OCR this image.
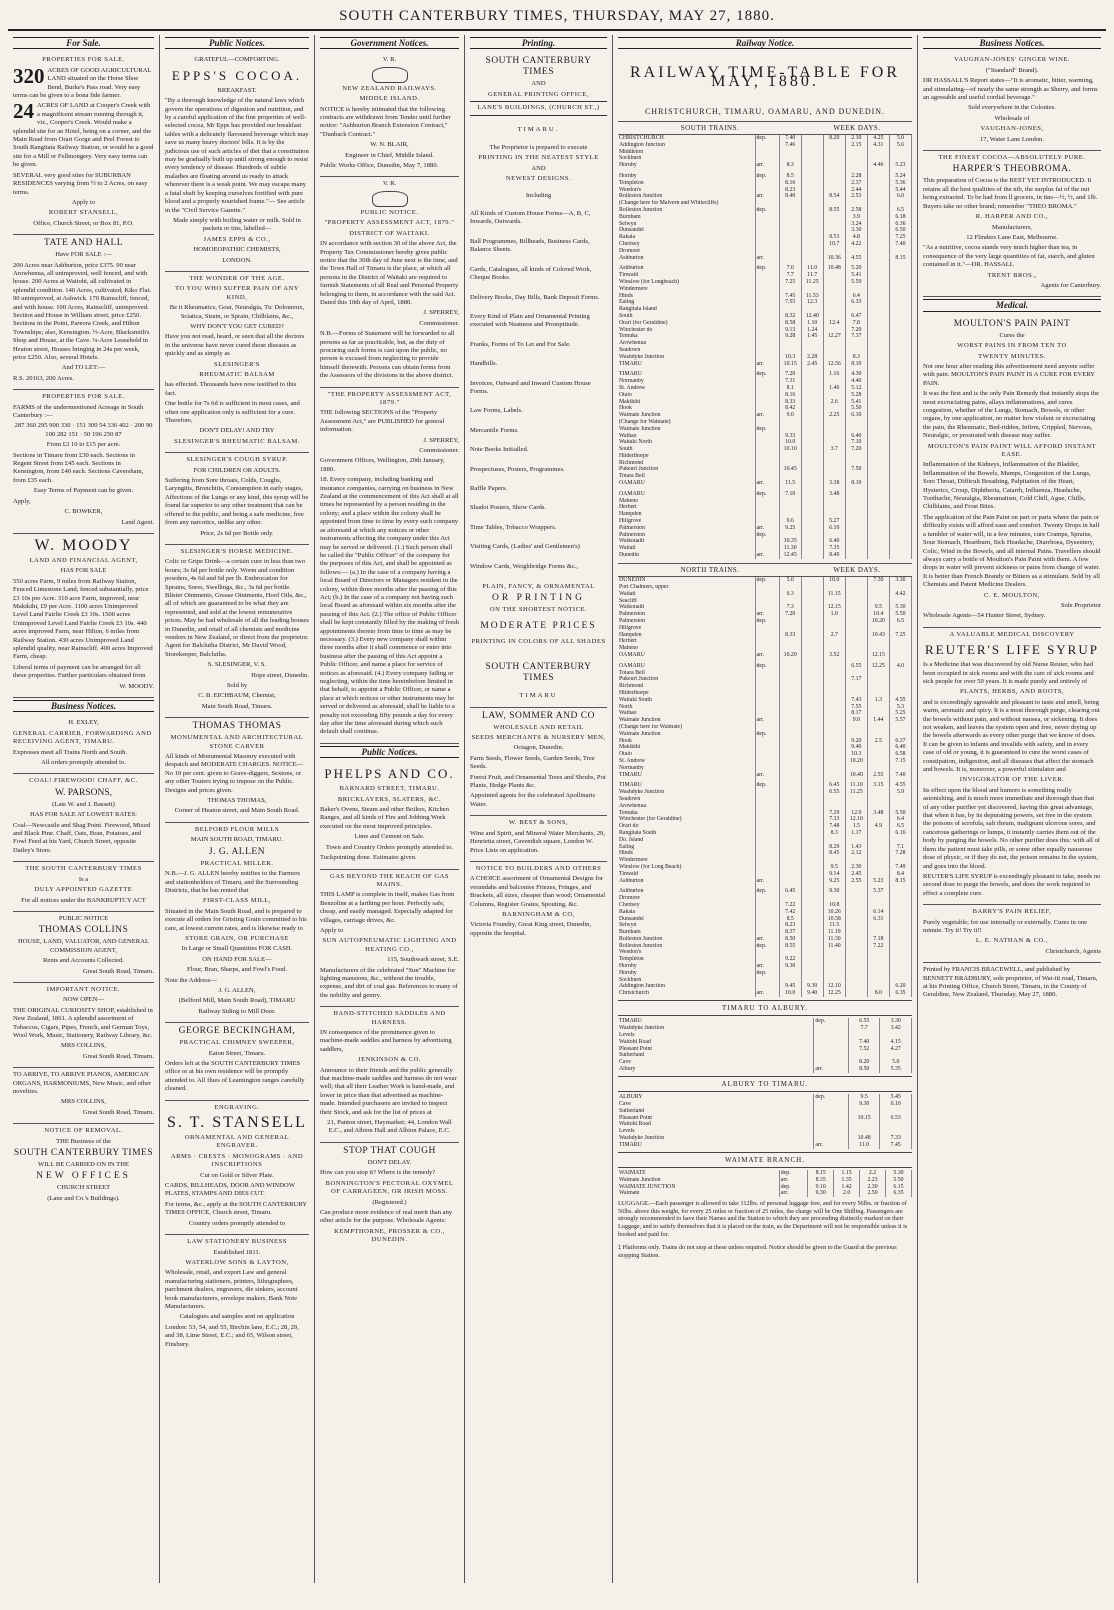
SOUTH CANTERBURY TIMES, THURSDAY, MAY 27, 1880.
For Sale.

PROPERTIES FOR SALE.

320 ACRES OF GOOD AGRICULTURAL LAND situated on the Horse Shoe Bend, Burke's Pass road. Very easy terms can be given to a bona fide farmer.

24 ACRES OF LAND at Cooper's Creek with a magnificent stream running through it, viz., Cooper's Creek. Would make a splendid site for an Hotel, being on a corner, and the Main Road from Orari Gorge and Peel Forest to South Rangitata Railway Station, or would be a good site for a Mill or Fellmongery. Very easy terms can be given.

SEVERAL very good sites for SUBURBAN RESIDENCES varying from ½ to 2 Acres, on easy terms.

Apply to

ROBERT STANSELL,

Office, Church Street, or Box 81, P.O.

TATE AND HALL

Have FOR SALE :—

200 Acres near Ashburton, price £375. 90 near Arowhenua, all unimproved, well fenced, and with house. 200 Acres at Waitohi, all cultivated in splendid condition. 140 Acres, cultivated, Kiko Flat. 90 unimproved, at Ashwick. 170 Rainscliff, fenced, and with house. 100 Acres, Rainscliff, unimproved. Section and House in William street, price £250. Sections in the Point, Pareora Creek, and Hilton Townships; also, Kensington. ½-Acre, Blacksmith's Shop and House, at the Cave. ¼-Acre Leasehold in Heaton street, Houses bringing in 24s per week, price £250. Also, several Hotels.

And TO LET:—

R.S. 20163, 200 Acres.

PROPERTIES FOR SALE.

FARMS of the undermentioned Acreage in South Canterbury :—

287 360 295 900 330 · 151 300 54 336 402 · 200 90 100 282 151 · 50 196 250 87

From £3 10 to £15 per acre.

Sections in Timaru from £30 each. Sections in Regent Street from £45 each. Sections in Kensington, from £40 each. Sections Caversham, from £35 each.

Easy Terms of Payment can be given.

Apply,

C. BOWKER,

Land Agent.

W. MOODY

LAND AND FINANCIAL AGENT,

HAS FOR SALE

550 acres Farm, 9 miles from Railway Station, Fenced Limestone Land, fenced substantially, price £3 10s per Acre. 310 acre Farm, improved, near Makikihi, £9 per Acre. 1100 acres Unimproved Level Land Fairlie Creek £3 10s. 1500 acres Unimproved Level Land Fairlie Creek £3 10s. 440 acres improved Farm, near Hilton, 6 miles from Railway Station. 430 acres Unimproved Land splendid quality, near Rainscliff. 400 acres Improved Farm, cheap.

Liberal terms of payment can be arranged for all these properties. Further particulars obtained from

W. MOODY.

Business Notices.

H. EXLEY,

GENERAL CARRIER, FORWARDING AND RECEIVING AGENT, TIMARU.

Expresses meet all Trains North and South.

All orders promptly attended to.

COAL! FIREWOOD! CHAFF, &C.

W. PARSONS,

(Late W. and J. Bassett)

HAS FOR SALE AT LOWEST RATES:

Coal—Newcastle and Shag Point. Firewood, Mixed and Black Pine. Chaff, Oats, Bran, Potatoes, and Fowl Feed at his Yard, Church Street, opposite Dailey's Store.

THE SOUTH CANTERBURY TIMES

Is a

DULY APPOINTED GAZETTE

For all notices under the BANKRUPTCY ACT

PUBLIC NOTICE

THOMAS COLLINS

HOUSE, LAND, VALUATOR, AND GENERAL COMMISSION AGENT,

Rents and Accounts Collected.

Great South Road, Timaru.

IMPORTANT NOTICE.

NOW OPEN—

THE ORIGINAL CURIOSITY SHOP, established in New Zealand, 1861. A splendid assortment of Tobaccos, Cigars, Pipes, French, and German Toys, Wool Work, Music, Stationery, Railway Library, &c.

MRS COLLINS,

Great South Road, Timaru.

TO ARRIVE, TO ARRIVE PIANOS, AMERICAN ORGANS, HARMONIUMS, New Music, and other novelties.

MRS COLLINS,

Great South Road, Timaru.

NOTICE OF REMOVAL.

THE Business of the

SOUTH CANTERBURY TIMES

WILL BE CARRIED ON IN THE

NEW OFFICES

CHURCH STREET

(Lane and Co.'s Buildings).

Public Notices.

GRATEFUL—COMFORTING.

EPPS'S COCOA.

BREAKFAST.

"By a thorough knowledge of the natural laws which govern the operations of digestion and nutrition, and by a careful application of the fine properties of well-selected cocoa, Mr Epps has provided our breakfast tables with a delicately flavoured beverage which may save us many heavy doctors' bills. It is by the judicious use of such articles of diet that a constitution may be gradually built up until strong enough to resist every tendency of disease. Hundreds of subtle maladies are floating around us ready to attack wherever there is a weak point. We may escape many a fatal shaft by keeping ourselves fortified with pure blood and a properly nourished frame."— See article in the "Civil Service Gazette."

Made simply with boiling water or milk. Sold in packets or tins, labelled—

JAMES EPPS & CO.,

HOMOEOPATHIC CHEMISTS,

LONDON.

THE WONDER OF THE AGE.

TO YOU WHO SUFFER PAIN OF ANY KIND,

Be it Rheumatics, Gout, Neuralgia, Tic Doloureux, Sciatica, Strain, or Sprain, Chilblains, &c.,

WHY DON'T YOU GET CURED?

Have you not read, heard, or seen that all the doctors in the universe have never cured those diseases as quickly and as simply as

SLESINGER'S

RHEUMATIC BALSAM

has effected. Thousands have now testified to this fact.

One bottle for 7s 6d is sufficient in most cases, and often one application only is sufficient for a cure. Therefore,

DON'T DELAY! AND TRY

SLESINGER'S RHEUMATIC BALSAM.

SLESINGER'S COUGH SYRUP.

FOR CHILDREN OR ADULTS.

Suffering from Sore throats, Colds, Coughs, Laryngitis, Bronchitis, Consumption in early stages, Affections of the Lungs or any kind, this syrup will be found far superior to any other treatment that can be offered to the public, and being a safe medicine, free from any narcotics, unlike any other.

Price, 2s 6d per Bottle only.

SLESINGER'S HORSE MEDICINE.

Colic or Gripe Drink—a certain cure in less than two hours; 3s 6d per bottle only. Worm and condition powders, 4s 6d and 6d per lb. Embrocation for Sprains, Sores, Swellings, &c., 3s 6d per bottle. Blister Ointments, Grease Ointments, Hoof Oils, &c., all of which are guaranteed to be what they are represented, and sold at the lowest remunerative prices. May be had wholesale of all the leading houses in Dunedin, and retail of all chemists and medicine vendors in New Zealand, or direct from the proprietor. Agent for Balclutha District, Mr David Wood, Storekeeper, Balclutha.

S. SLESINGER, V. S.

Hope street, Dunedin.

Sold by

C. B. EICHBAUM, Chemist,

Main South Road, Timaru.

THOMAS THOMAS

MONUMENTAL AND ARCHITECTURAL STONE CARVER

All kinds of Monumental Masonry executed with despatch and MODERATE CHARGES. NOTICE—No 10 per cent. given to Grave-diggers, Sextons, or any other Touters trying to impose on the Public. Designs and prices given.

THOMAS THOMAS,

Corner of Heaton street, and Main South Road.

BELFORD FLOUR MILLS

MAIN SOUTH ROAD, TIMARU.

J. G. ALLEN

PRACTICAL MILLER.

N.B.—J. G. ALLEN hereby notifies to the Farmers and stationholders of Timaru, and the Surrounding Districts, that he has rented that

FIRST-CLASS MILL,

Situated in the Main South Road, and is prepared to execute all orders for Gristing Grain committed to his care, at lowest current rates, and is likewise ready to

STORE GRAIN, OR PURCHASE

In Large or Small Quantities FOR CASH.

ON HAND FOR SALE—

Flour, Bran, Sharps, and Fowl's Food.

Note the Address—

J. G. ALLEN,

(Belford Mill, Main South Road), TIMARU

Railway Siding to Mill Door.

GEORGE BECKINGHAM,

PRACTICAL CHIMNEY SWEEPER,

Eaton Street, Timaru.

Orders left at the SOUTH CANTERBURY TIMES office or at his own residence will be promptly attended to. All flues of Leamington ranges carefully cleaned.

ENGRAVING.

S. T. STANSELL

ORNAMENTAL AND GENERAL ENGRAVER.

ARMS · CRESTS · MONOGRAMS · AND INSCRIPTIONS

Cut on Gold or Silver Plate.

CARDS, BILLHEADS, DOOR AND WINDOW PLATES, STAMPS AND DIES CUT.

For terms, &c., apply at the SOUTH CANTERBURY TIMES OFFICE, Church street, Timaru.

Country orders promptly attended to

LAW STATIONERY BUSINESS

Established 1811.

WATERLOW SONS & LAYTON,

Wholesale, retail, and export Law and general manufacturing stationers, printers, lithographers, parchment dealers, engravers, die sinkers, account book manufacturers, envelope makers, Bank Note Manufacturers.

Catalogues and samples sent on application

London: 53, 54, and 55, Birchin lane, E.C.; 28, 29, and 38, Lime Street, E.C.; and 65, Wilson street, Finsbury.

Government Notices.

V. R.

NEW ZEALAND RAILWAYS.

MIDDLE ISLAND.

NOTICE is hereby intimated that the following contracts are withdrawn from Tender until further notice: "Ashburton Branch Extension Contract," "Dunback Contract."

W. N. BLAIR,

Engineer in Chief, Middle Island.

Public Works Office, Dunedin, May 7, 1880.

V. R.

PUBLIC NOTICE.

"PROPERTY ASSESSMENT ACT, 1879."

DISTRICT OF WAITAKI.

IN accordance with section 30 of the above Act, the Property Tax Commissioner hereby gives public notice that the 30th day of June next is the time, and the Town Hall of Timaru is the place, at which all persons in the District of Waitaki are required to furnish Statements of all Real and Personal Property belonging to them, in accordance with the said Act. Dated this 10th day of April, 1880.

J. SPERREY,

Commissioner.

N.B.—Forms of Statement will be forwarded to all persons as far as practicable, but, as the duty of procuring such forms is cast upon the public, no person is excused from neglecting to provide himself therewith. Persons can obtain forms from the Assessors of the divisions in the above district.

"THE PROPERTY ASSESSMENT ACT, 1879."

THE following SECTIONS of the "Property Assessment Act," are PUBLISHED for general information.

J. SPERREY,

Commissioner.

Government Offices, Wellington, 20th January, 1880.

18. Every company, including banking and insurance companies, carrying on business in New Zealand at the commencement of this Act shall at all times be represented by a person residing in the colony; and a place within the colony shall be appointed from time to time by every such company as aforesaid at which any notices or other instruments affecting the company under this Act may be served or delivered. (1.) Such person shall be called the "Public Officer" of the company for the purposes of this Act, and shall be appointed as follows:— (a.) In the case of a company having a local Board of Directors or Managers resident in the colony, within three months after the passing of this Act; (b.) In the case of a company not having such local Board as aforesaid within six months after the passing of this Act. (2.) The office of Public Officer shall be kept constantly filled by the making of fresh appointments thereto from time to time as may be necessary. (3.) Every new company shall within three months after it shall commence or enter into business after the passing of this Act appoint a Public Officer, and name a place for service of notices as aforesaid. (4.) Every company failing or neglecting, within the time hereinbefore limited in that behalf, to appoint a Public Officer, or name a place at which notices or other instruments may be served or delivered as aforesaid, shall be liable to a penalty not exceeding fifty pounds a day for every day after the time aforesaid during which such default shall continue.

Public Notices.

PHELPS AND CO.

BARNARD STREET, TIMARU.

BRICKLAYERS, SLATERS, &C.

Baker's Ovens, Steam and other Boilers, Kitchen Ranges, and all kinds of Fire and Jobbing Work executed on the most improved principles.

Lime and Cement on Sale.

Town and Country Orders promptly attended to.

Tuckpointing done. Estimates given.

GAS BEYOND THE REACH OF GAS MAINS.

THIS LAMP is complete in itself, makes Gas from Benzoline at a farthing per hour. Perfectly safe, cheap, and easily managed. Especially adapted for villages, carriage drives, &c.

Apply to

SUN AUTOPNEUMATIC LIGHTING AND HEATING CO.,

115, Southwark street, S.E.

Manufacturers of the celebrated "Sun" Machine for lighting mansions, &c., without the trouble, expense, and dirt of coal gas. References to many of the nobility and gentry.

HAND-STITCHED SADDLES AND HARNESS.

IN consequence of the prominence given to machine-made saddles and harness by advertising saddlers,

JENKINSON & CO.

Announce to their friends and the public generally that machine-made saddles and harness do not wear well; that all their Leather Work is hand-made, and lower in price than that advertised as machine-made. Intended purchasers are invited to inspect their Stock, and ask for the list of prices at

21, Panton street, Haymarket; 44, London Wall E.C., and Albion Hall and Albion Palace, E.C.

STOP THAT COUGH

DON'T DELAY.

How can you stop it? Where is the remedy?

BONNINGTON'S PECTORAL OXYMEL OF CARRAGEEN, OR IRISH MOSS.

(Registered.)

Can produce more evidence of real merit than any other article for the purpose. Wholesale Agents:

KEMPTHORNE, PROSSER & CO., DUNEDIN.

Printing.

SOUTH CANTERBURY TIMES

AND

GENERAL PRINTING OFFICE,

LANE'S BUILDINGS, (CHURCH ST.,)

TIMARU.

The Proprietor is prepared to execute

PRINTING IN THE NEATEST STYLE

AND

NEWEST DESIGNS.

Including

All Kinds of Custom House Forms—A, B, C, Inwards, Outwards.

Ball Programmes, Billheads, Business Cards, Balance Sheets.

Cards, Catalogues, all kinds of Colored Work, Cheque Books.

Delivery Books, Day Bills, Bank Deposit Forms.

Every Kind of Plain and Ornamental Printing executed with Neatness and Promptitude.

Franks, Forms of To Let and For Sale.

Handbills.

Invoices, Outward and Inward Custom House Forms.

Law Forms, Labels.

Mercantile Forms.

Note Books Initialled.

Prospectuses, Posters, Programmes.

Raffle Papers.

Shadoi Posters, Show Cards.

Time Tables, Tobacco Wrappers.

Visiting Cards, (Ladies' and Gentlemen's)

Window Cards, Weighbridge Forms &c.,

PLAIN, FANCY, & ORNAMENTAL

OR PRINTING

ON THE SHORTEST NOTICE.

MODERATE PRICES

PRINTING IN COLORS OF ALL SHADES

SOUTH CANTERBURY TIMES

TIMARU

LAW, SOMMER AND CO

WHOLESALE AND RETAIL

SEEDS MERCHANTS & NURSERY MEN,

Octagon, Dunedin.

Farm Seeds, Flower Seeds, Garden Seeds, Tree Seeds.

Forest Fruit, and Ornamental Trees and Shrubs, Pot Plants, Hedge Plants &c.

Appointed agents for the celebrated Apollinaris Water.

W. BEST & SONS,

Wine and Spirit, and Mineral Water Merchants, 29, Henrietta street, Cavendish square, London W. Price Lists on application.

NOTICE TO BUILDERS AND OTHERS

A CHOICE assortment of Ornamental Designs for verandahs and balconies Friezes, Fringes, and Brackets, all sizes, cheaper than wood; Ornamental Columns, Register Grates, Spouting, &c.

BARNINGHAM & CO,

Victoria Foundry, Great King street, Dunedin, opposite the hospital.

Railway Notice.

RAILWAY TIME-TABLE FOR MAY, 1880.

CHRISTCHURCH, TIMARU, OAMARU, AND DUNEDIN.
SOUTH TRAINS.	WEEK DAYS.
CHRISTCHURCH	dep.	7.40		8.20	2.10	4.25	5.0
Addington Junction		7.46			2.15	4.31	5.6
Middleton							
Sockburn							
Hornby	arr.	8.3				4.46	5.23

Hornby	dep.	8.5			2.28		5.24
Templeton		8.16			2.37		5.36
Weedon's		8.23			2.44		5.44
Rolleston Junction	arr.	8.40		8.54	2.53		6.0
(Change here for Malvern and Whitecliffs)							
Rolleston Junction	dep.			8.55	2.58		6.5
Burnham					3.9		6.18
Selwyn					3.24		6.36
Dunsandel					3.30		6.50
Rakaia				9.53	4.8		7.25
Chertsey				10.7	4.22		7.40
Dromore							
Ashburton	arr.			10.36	4.55		8.15

Ashburton	dep.	7.0	11.0	10.48	5.20		
Tinwald		7.7	11.7		5.41		
Winslow (for Longbeach)		7.25	11.25		5.59		
Windermere							
Hinds		7.45	11.53		6.4		
Ealing		7.55	12.3		6.33		
Rangitata Island							
South		8.32	12.40		6.47		
Orari (for Geraldine)		8.58	1.10	12.4	7.8		
Winchester do		9.13	1.24		7.20		
Temuka		9.28	1.45	12.27	7.37		
Arowhenua							
Seadown							
Washdyke Junction		10.3	2.28		8.3		
TIMARU	arr.	10.15	2.45	12.56	8.10		

TIMARU	dep.	7.20		1.16	4.30		
Normanby		7.31			4.40		
St. Andrew		8.1		1.46	5.12		
Otaio		8.16			5.28		
Makikihi		8.33		2.6	5.41		
Hook		8.42			5.50		
Waimate Junction	arr.	9.0		2.25	6.10		
(Change for Waimate)							
Waimate Junction	dep.						
Waihao		9.33			6.40		
Waitaki North		10.0			7.10		
South		10.10		3.7	7.20		
Hilderthorpe							
Richmond							
Pukeuri Junction		10.45			7.50		
Totara Bell							
OAMARU	arr.	11.5		3.38	8.10		

OAMARU	dep.	7.10		3.48			
Maheno							
Herbert							
Hampden							
Hillgrove		9.6		5.27			
Palmerston	arr.	9.25		6.10			
Palmerston	dep.						
Waikouaiti		10.35		6.40			
Waitati		11.30		7.35			
Dunedin	arr.	12.45		8.40			
NORTH TRAINS.	WEEK DAYS.
DUNEDIN	dep.	5.0		10.0		7.30	3.30
Port Chalmers, upper							
Waitati		6.3		11.15			4.42
Seacliff							
Waikouaiti		7.3		12.15		9.5	5.30
Palmerston	arr.	7.20		1.0		10.4	5.50
Palmerston	dep.					10.20	6.5
Hillgrove							
Hampden		8.33		2.7		10.43	7.25
Herbert							
Maheno							
OAMARU	arr.	10.20		3.52		12.15	

OAMARU	dep.				6.55	12.25	4.0
Totara Bell							
Pukeuri Junction					7.17		
Richmond							
Hilderthorpe							
Waitaki South					7.43	1.3	4.55
North					7.55		5.3
Waihao					8.17		5.25
Waimate Junction	arr.				9.0	1.44	5.57
(Change here for Waimate)							
Waimate Junction	dep.						
Hook					9.20	2.5	6.37
Makikihi					9.40		6.40
Otaio					10.3		6.58
St. Andrew					10.20		7.15
Normanby							
TIMARU	arr.				10.40	2.55	7.40

TIMARU	dep.			6.45	11.10	3.15	4.55
Washdyke Junction				6.55	11.25		5.9
Seadown							
Arowhenua							
Temuka				7.29	12.0	3.48	5.50
Winchester (for Geraldine)				7.33	12.10		6.4
Orari do				7.48	1.5	4.9	6.5
Rangitata South				8.3	1.17		6.16
Do. Island							
Ealing				8.29	1.43		7.1
Hinds				8.45	2.12		7.28
Windermere							
Winslow (for Long Beach)				9.5	2.30		7.49
Tinwald				9.14	2.45		8.4
Ashburton	arr.			9.25	2.55	5.23	8.15

Ashburton	dep.	6.45		9.30		5.37	
Dromore							
Chertsey		7.22		10.8			
Rakaia		7.42		10.26		6.14	
Dunsandel		8.5		10.58		6.31	
Selwyn		8.23		11.5			
Burnham		8.37		11.19			
Rolleston Junction	arr.	8.50		11.30		7.18	
Rolleston Junction	dep.	8.55		11.40		7.22	
Weedon's							
Templeton		9.22					
Hornby	arr.	9.30					
Hornby	dep.						
Sockburn							
Addington Junction		9.45	9.30	12.10			6.20
Christchurch	arr.	10.0	9.40	12.25		8.0	6.35
TIMARU TO ALBURY.
TIMARU	dep.	6.55	3.30
Washdyke Junction		7.7	3.42
Levels			
Waitohi Road		7.40	4.15
Pleasant Point		7.52	4.27
Sutherland			
Cave		8.20	5.0
Albury	arr.	8.50	5.35
ALBURY TO TIMARU.
ALBURY	dep.	9.5	5.45
Cave		9.30	6.10
Sutherland			
Pleasant Point		10.15	6.53
Waitohi Road			
Levels			
Washdyke Junction		10.48	7.33
TIMARU	arr.	11.0	7.45
WAIMATE BRANCH.
WAIMATE	dep.	8.15	1.15	2.2	5.30
Waimate Junction	arr.	8.35	1.35	2.23	5.50
WAIMATE JUNCTION	dep.	9.10	1.42	2.30	6.15
Waimate	arr.	9.30	2.0	2.50	6.35

LUGGAGE.—Each passenger is allowed to take 112lbs. of personal luggage free, and for every 56lbs. or fraction of 56lbs. above this weight, for every 25 miles or fraction of 25 miles, the charge will be One Shilling. Passengers are strongly recommended to have their Names and the Station to which they are proceeding distinctly marked on their Luggage, and to satisfy themselves that it is placed on the train, as the Department will not be responsible unless it is booked and paid for.

‡ Platforms only. Trains do not stop at these unless required. Notice should be given to the Guard at the previous stopping Station.

Business Notices.

VAUGHAN-JONES' GINGER WINE.

("Standard" Brand).

DR HASSALL'S Report states—"It is aromatic, bitter, warming, and stimulating—of nearly the same strength as Sherry, and forms an agreeable and useful cordial beverage."

Sold everywhere in the Colonies.

Wholesale of

VAUGHAN-JONES,

17, Water Lane London.

THE FINEST COCOA—ABSOLUTELY PURE.

HARPER'S THEOBROMA.

This preparation of Cocoa is the BEST YET INTRODUCED. It retains all the best qualities of the nib, the surplus fat of the nut being extracted. To be had from ll grocers, in tins—½, ½, and 1lb. Buyers take no other brand; remember "THEO BROMA."

R. HARPER AND CO.,

Manufacturers,

12 Flinders Lane East, Melbourne.

"As a nutritive, cocoa stands very much higher than tea, in consequence of the very large quantities of fat, starch, and gluten contained in it."—DR. HASSALL

TRENT BROS.,

Agents for Canterbury.

Medical.

MOULTON'S PAIN PAINT

Cures the

WORST PAINS IN FROM TEN TO

TWENTY MINUTES.

Not one hour after reading this advertisement need anyone suffer with pain. MOULTON'S PAIN PAINT IS A CURE FOR EVERY PAIN.

It was the first and is the only Pain Remedy that instantly stops the most excruciating pains, allays inflammations, and cures congestion, whether of the Lungs, Stomach, Bowels, or other organs, by one application, no matter how violent or excruciating the pain, the Rheumatic, Bed-ridden, Infirm, Crippled, Nervous, Neuralgic, or prostrated with disease may suffer.

MOULTON'S PAIN PAINT WILL AFFORD INSTANT EASE.

Inflammation of the Kidneys, Inflammation of the Bladder, Inflammation of the Bowels, Mumps, Congestion of the Lungs, Sore Throat, Difficult Breathing, Palpitation of the Heart, Hysterics, Croup, Diphtheria, Catarrh, Influenza, Headache, Toothache, Neuralgia, Rheumatism, Cold Chill, Ague, Chills, Chilblains, and Frost Bites.

The application of the Pain Paint on part or parts where the pain or difficulty exists will afford ease and comfort. Twenty Drops in half a tumbler of water will, in a few minutes, cure Cramps, Sprains, Sour Stomach, Heartburn, Sick Headache, Diarrhoea, Dysentery, Colic, Wind in the Bowels, and all internal Pains. Travellers should always carry a bottle of Moulton's Pain Paint with them. A few drops in water will prevent sickness or pains from change of water. It is better than French Brandy or Bitters as a stimulant. Sold by all Chemists and Patent Medicine Dealers.

C. E. MOULTON,

Sole Proprietor

Wholesale Agents—54 Hunter Street, Sydney.

A VALUABLE MEDICAL DISCOVERY

REUTER'S LIFE SYRUP

Is a Medicine that was discovered by old Nurse Reuter, who had been occupied in sick rooms and with the care of sick rooms and sick people for over 50 years. It is made purely and entirely of

PLANTS, HERBS, AND ROOTS,

and is exceedingly agreeable and pleasant to taste and smell, being warm, aromatic and spicy. It is a most thorough purge, clearing out the bowels without pain, and without nausea, or sickening. It does not weaken, and leaves the system open and free, never drying up the bowels afterwards as every other purge that we know of does. It can be given to infants and invalids with safety, and in every case of old or young, it is guaranteed to cure the worst cases of constipation, indigestion, and all diseases that affect the stomach and bowels. It is, moreover, a powerful stimulator and

INVIGORATOR OF THE LIVER.

Its effect upon the blood and humors is something really astonishing, and is much more immediate and thorough than that of any other purifier yet discovered, having this great advantage, that when it has, by its depurating powers, set free in the system the poisons of scrofula, salt rheum, malignant ulcerous sores, and cancerous gatherings or lumps, it instantly carries them out of the body by purging the bowels. No other purifier does this: with all of them the patient must take pills, or some other equally nauseous dose of physic, or if they do not, the poison remains in the system, and goes into the blood.

REUTER'S LIFE SYRUP is exceedingly pleasant to take, needs no second dose to purge the bowels, and does the work required to effect a complete cure.

BARRY'S PAIN RELIEF,

Purely vegetable; for use internally or externally. Cures in one minute. Try it! Try it!!

L. E. NATHAN & CO.,

Christchurch, Agents

Printed by FRANCIS BRACEWELL, and published by BENNETT BRADBURY, sole proprietor, of Wai-iti road, Timaru, at his Printing Office, Church Street, Timaru, in the County of Geraldine, New Zealand, Thursday, May 27, 1880.
